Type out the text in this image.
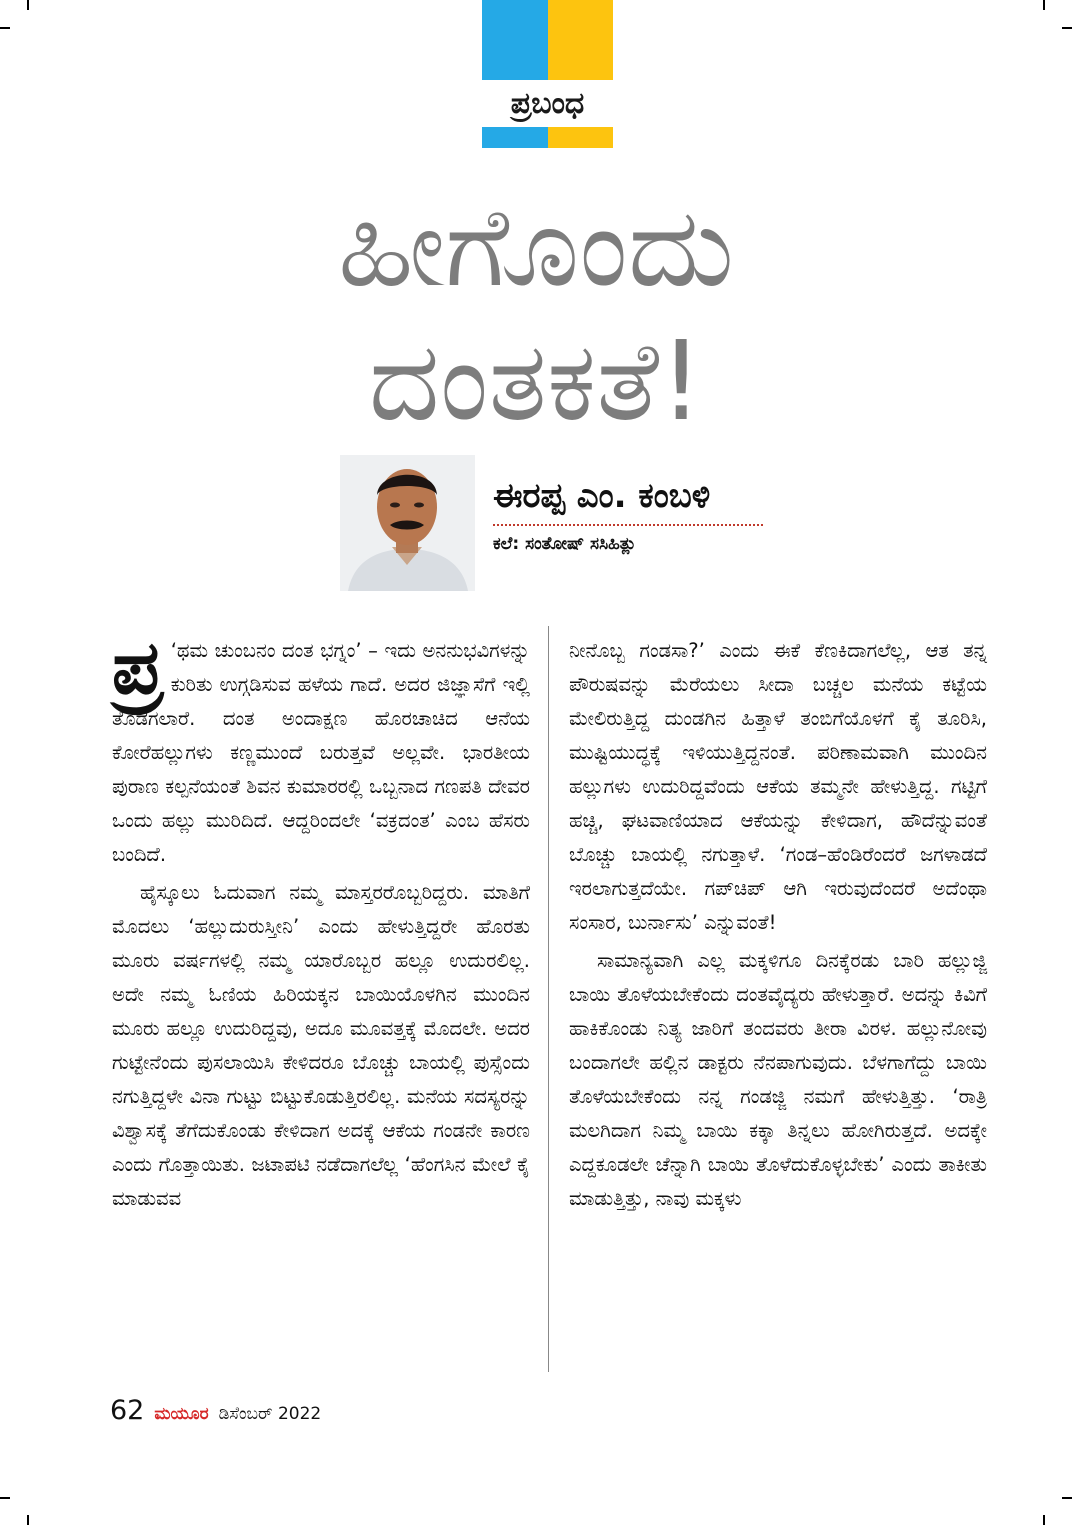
ಪ್ರಬಂಧ
ಹೀಗೊಂದು
ದಂತಕತೆ!
ಈರಪ್ಪ ಎಂ. ಕಂಬಳಿ
ಕಲೆ: ಸಂತೋಷ್ ಸಸಿಹಿತ್ಲು

ಪ್ರ ‘ಥಮ ಚುಂಬನಂ ದಂತ ಭಗ್ನಂ’ – ಇದು ಅನನುಭವಿಗಳನ್ನು ಕುರಿತು ಉಗ್ಗಡಿಸುವ ಹಳೆಯ ಗಾದೆ. ಅದರ ಜಿಜ್ಞಾಸೆಗೆ ಇಲ್ಲಿ ತೊಡಗಲಾರೆ. ದಂತ ಅಂದಾಕ್ಷಣ ಹೊರಚಾಚಿದ ಆನೆಯ ಕೋರೆಹಲ್ಲುಗಳು ಕಣ್ಣಮುಂದೆ ಬರುತ್ತವೆ ಅಲ್ಲವೇ. ಭಾರತೀಯ ಪುರಾಣ ಕಲ್ಪನೆಯಂತೆ ಶಿವನ ಕುಮಾರರಲ್ಲಿ ಒಬ್ಬನಾದ ಗಣಪತಿ ದೇವರ ಒಂದು ಹಲ್ಲು ಮುರಿದಿದೆ. ಆದ್ದರಿಂದಲೇ ‘ವಕ್ರದಂತ’ ಎಂಬ ಹೆಸರು ಬಂದಿದೆ.

ಹೈಸ್ಕೂಲು ಓದುವಾಗ ನಮ್ಮ ಮಾಸ್ತರರೊಬ್ಬರಿದ್ದರು. ಮಾತಿಗೆ ಮೊದಲು ‘ಹಲ್ಲುದುರುಸ್ತೀನಿ’ ಎಂದು ಹೇಳುತ್ತಿದ್ದರೇ ಹೊರತು ಮೂರು ವರ್ಷಗಳಲ್ಲಿ ನಮ್ಮ ಯಾರೊಬ್ಬರ ಹಲ್ಲೂ ಉದುರಲಿಲ್ಲ. ಅದೇ ನಮ್ಮ ಓಣಿಯ ಹಿರಿಯಕ್ಕನ ಬಾಯಿಯೊಳಗಿನ ಮುಂದಿನ ಮೂರು ಹಲ್ಲೂ ಉದುರಿದ್ದವು, ಅದೂ ಮೂವತ್ತಕ್ಕೆ ಮೊದಲೇ. ಅದರ ಗುಟ್ಟೇನೆಂದು ಪುಸಲಾಯಿಸಿ ಕೇಳಿದರೂ ಬೊಚ್ಚು ಬಾಯಲ್ಲಿ ಪುಸ್ಸೆಂದು ನಗುತ್ತಿದ್ದಳೇ ವಿನಾ ಗುಟ್ಟು ಬಿಟ್ಟುಕೊಡುತ್ತಿರಲಿಲ್ಲ. ಮನೆಯ ಸದಸ್ಯರನ್ನು ವಿಶ್ವಾಸಕ್ಕೆ ತೆಗೆದುಕೊಂಡು ಕೇಳಿದಾಗ ಅದಕ್ಕೆ ಆಕೆಯ ಗಂಡನೇ ಕಾರಣ ಎಂದು ಗೊತ್ತಾಯಿತು. ಜಟಾಪಟಿ ನಡೆದಾಗಲೆಲ್ಲ ‘ಹೆಂಗಸಿನ ಮೇಲೆ ಕೈ ಮಾಡುವವ

ನೀನೊಬ್ಬ ಗಂಡಸಾ?’ ಎಂದು ಈಕೆ ಕೆಣಕಿದಾಗಲೆಲ್ಲ, ಆತ ತನ್ನ ಪೌರುಷವನ್ನು ಮೆರೆಯಲು ಸೀದಾ ಬಚ್ಚಲ ಮನೆಯ ಕಟ್ಟೆಯ ಮೇಲಿರುತ್ತಿದ್ದ ದುಂಡಗಿನ ಹಿತ್ತಾಳೆ ತಂಬಿಗೆಯೊಳಗೆ ಕೈ ತೂರಿಸಿ, ಮುಷ್ಟಿಯುದ್ಧಕ್ಕೆ ಇಳಿಯುತ್ತಿದ್ದನಂತೆ. ಪರಿಣಾಮವಾಗಿ ಮುಂದಿನ ಹಲ್ಲುಗಳು ಉದುರಿದ್ದವೆಂದು ಆಕೆಯ ತಮ್ಮನೇ ಹೇಳುತ್ತಿದ್ದ. ಗಟ್ಟಿಗೆ ಹಚ್ಚಿ, ಘಟವಾಣಿಯಾದ ಆಕೆಯನ್ನು ಕೇಳಿದಾಗ, ಹೌದೆನ್ನುವಂತೆ ಬೊಚ್ಚು ಬಾಯಲ್ಲಿ ನಗುತ್ತಾಳೆ. ‘ಗಂಡ–ಹೆಂಡಿರೆಂದರೆ ಜಗಳಾಡದೆ ಇರಲಾಗುತ್ತದೆಯೇ. ಗಪ್‌ಚಿಪ್ ಆಗಿ ಇರುವುದೆಂದರೆ ಅದೆಂಥಾ ಸಂಸಾರ, ಬುರ್ನಾಸು’ ಎನ್ನುವಂತೆ!

ಸಾಮಾನ್ಯವಾಗಿ ಎಲ್ಲ ಮಕ್ಕಳಿಗೂ ದಿನಕ್ಕೆರಡು ಬಾರಿ ಹಲ್ಲುಜ್ಜಿ ಬಾಯಿ ತೊಳೆಯಬೇಕೆಂದು ದಂತವೈದ್ಯರು ಹೇಳುತ್ತಾರೆ. ಅದನ್ನು ಕಿವಿಗೆ ಹಾಕಿಕೊಂಡು ನಿತ್ಯ ಜಾರಿಗೆ ತಂದವರು ತೀರಾ ವಿರಳ. ಹಲ್ಲುನೋವು ಬಂದಾಗಲೇ ಹಲ್ಲಿನ ಡಾಕ್ಟರು ನೆನಪಾಗುವುದು. ಬೆಳಗಾಗೆದ್ದು ಬಾಯಿ ತೊಳೆಯಬೇಕೆಂದು ನನ್ನ ಗಂಡಜ್ಜಿ ನಮಗೆ ಹೇಳುತ್ತಿತ್ತು. ‘ರಾತ್ರಿ ಮಲಗಿದಾಗ ನಿಮ್ಮ ಬಾಯಿ ಕಕ್ಕಾ ತಿನ್ನಲು ಹೋಗಿರುತ್ತದೆ. ಅದಕ್ಕೇ ಎದ್ದಕೂಡಲೇ ಚೆನ್ನಾಗಿ ಬಾಯಿ ತೊಳೆದುಕೊಳ್ಳಬೇಕು’ ಎಂದು ತಾಕೀತು ಮಾಡುತ್ತಿತ್ತು, ನಾವು ಮಕ್ಕಳು

62 ಮಯೂರ ಡಿಸೆಂಬರ್ 2022
